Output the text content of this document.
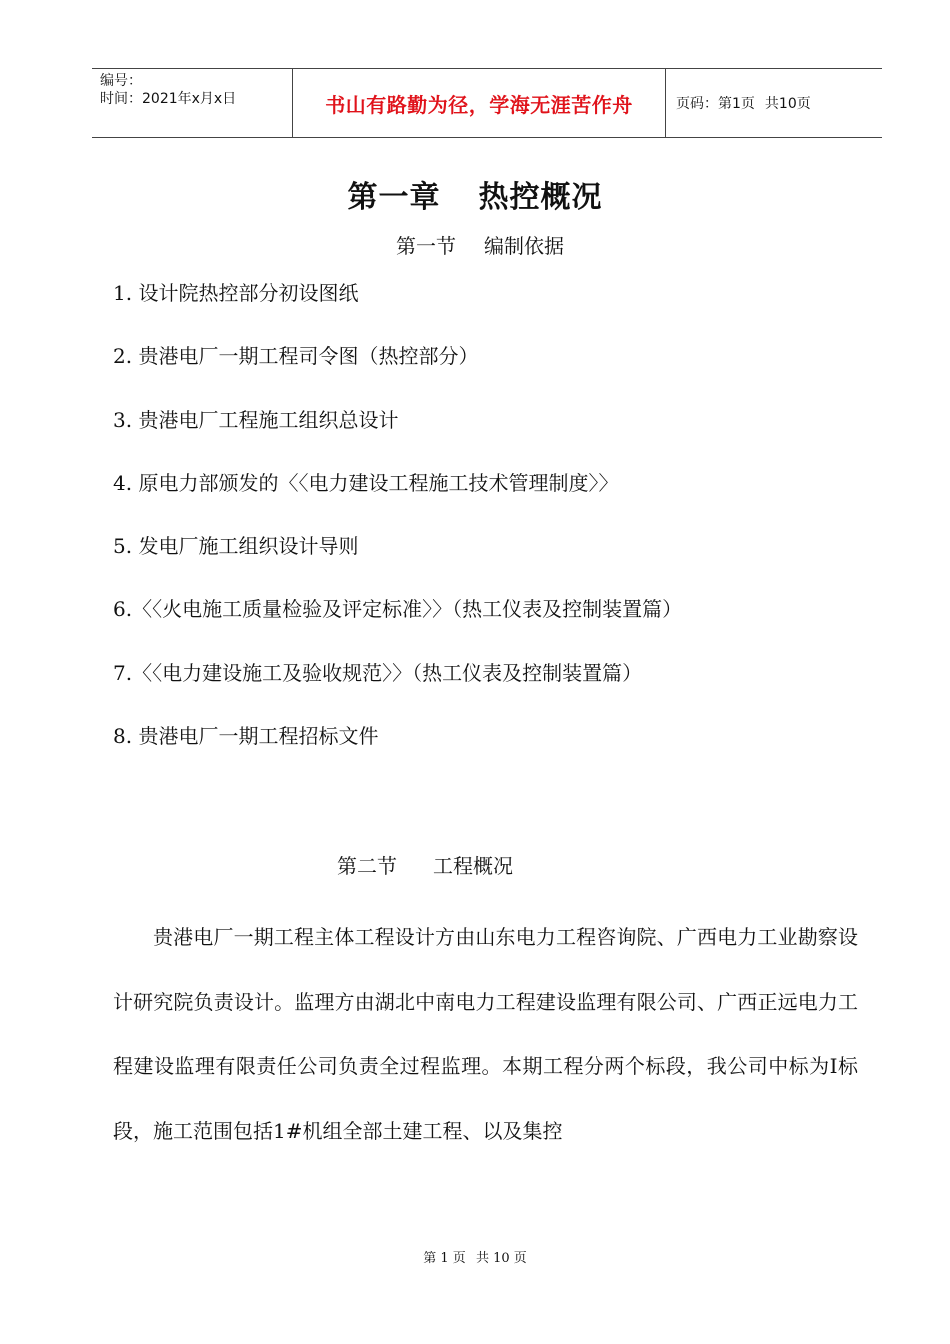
编号：
时间：2021年x月x日	书山有路勤为径，学海无涯苦作舟	页码：第1页 共10页
第一章 热控概况
第一节 编制依据
1. 设计院热控部分初设图纸
2. 贵港电厂一期工程司令图（热控部分）
3. 贵港电厂工程施工组织总设计
4. 原电力部颁发的〈〈电力建设工程施工技术管理制度〉〉
5. 发电厂施工组织设计导则
6.〈〈火电施工质量检验及评定标准〉〉（热工仪表及控制装置篇）
7.〈〈电力建设施工及验收规范〉〉（热工仪表及控制装置篇）
8. 贵港电厂一期工程招标文件
第二节 工程概况

贵港电厂一期工程主体工程设计方由山东电力工程咨询院、广西电力工业勘察设计研究院负责设计。监理方由湖北中南电力工程建设监理有限公司、广西正远电力工程建设监理有限责任公司负责全过程监理。本期工程分两个标段，我公司中标为Ⅰ标段，施工范围包括1#机组全部土建工程、以及集控

第 1 页 共 10 页
